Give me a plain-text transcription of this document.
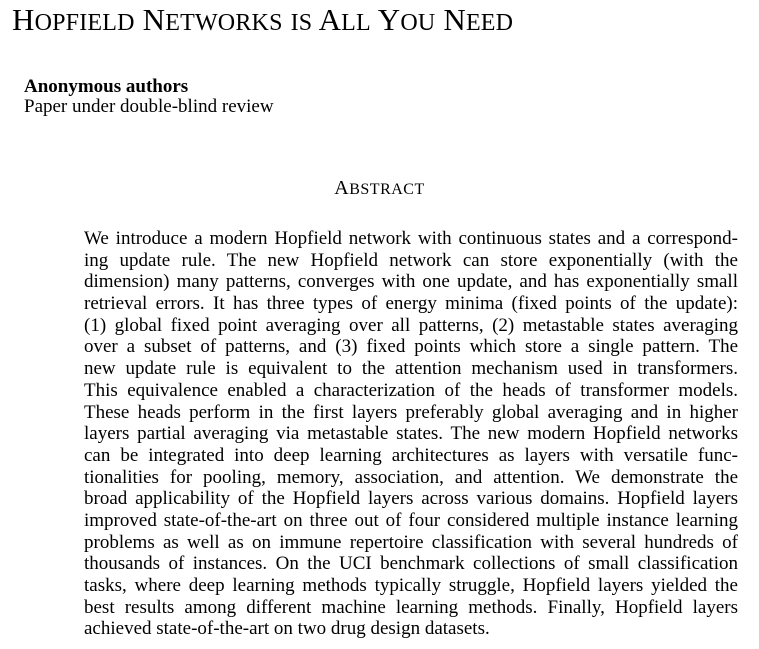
HOPFIELD NETWORKS IS ALL YOU NEED
Anonymous authors
Paper under double-blind review
ABSTRACT
We introduce a modern Hopfield network with continuous states and a correspond-
ing update rule. The new Hopfield network can store exponentially (with the
dimension) many patterns, converges with one update, and has exponentially small
retrieval errors. It has three types of energy minima (fixed points of the update):
(1) global fixed point averaging over all patterns, (2) metastable states averaging
over a subset of patterns, and (3) fixed points which store a single pattern. The
new update rule is equivalent to the attention mechanism used in transformers.
This equivalence enabled a characterization of the heads of transformer models.
These heads perform in the first layers preferably global averaging and in higher
layers partial averaging via metastable states. The new modern Hopfield networks
can be integrated into deep learning architectures as layers with versatile func-
tionalities for pooling, memory, association, and attention. We demonstrate the
broad applicability of the Hopfield layers across various domains. Hopfield layers
improved state-of-the-art on three out of four considered multiple instance learning
problems as well as on immune repertoire classification with several hundreds of
thousands of instances. On the UCI benchmark collections of small classification
tasks, where deep learning methods typically struggle, Hopfield layers yielded the
best results among different machine learning methods. Finally, Hopfield layers
achieved state-of-the-art on two drug design datasets.
